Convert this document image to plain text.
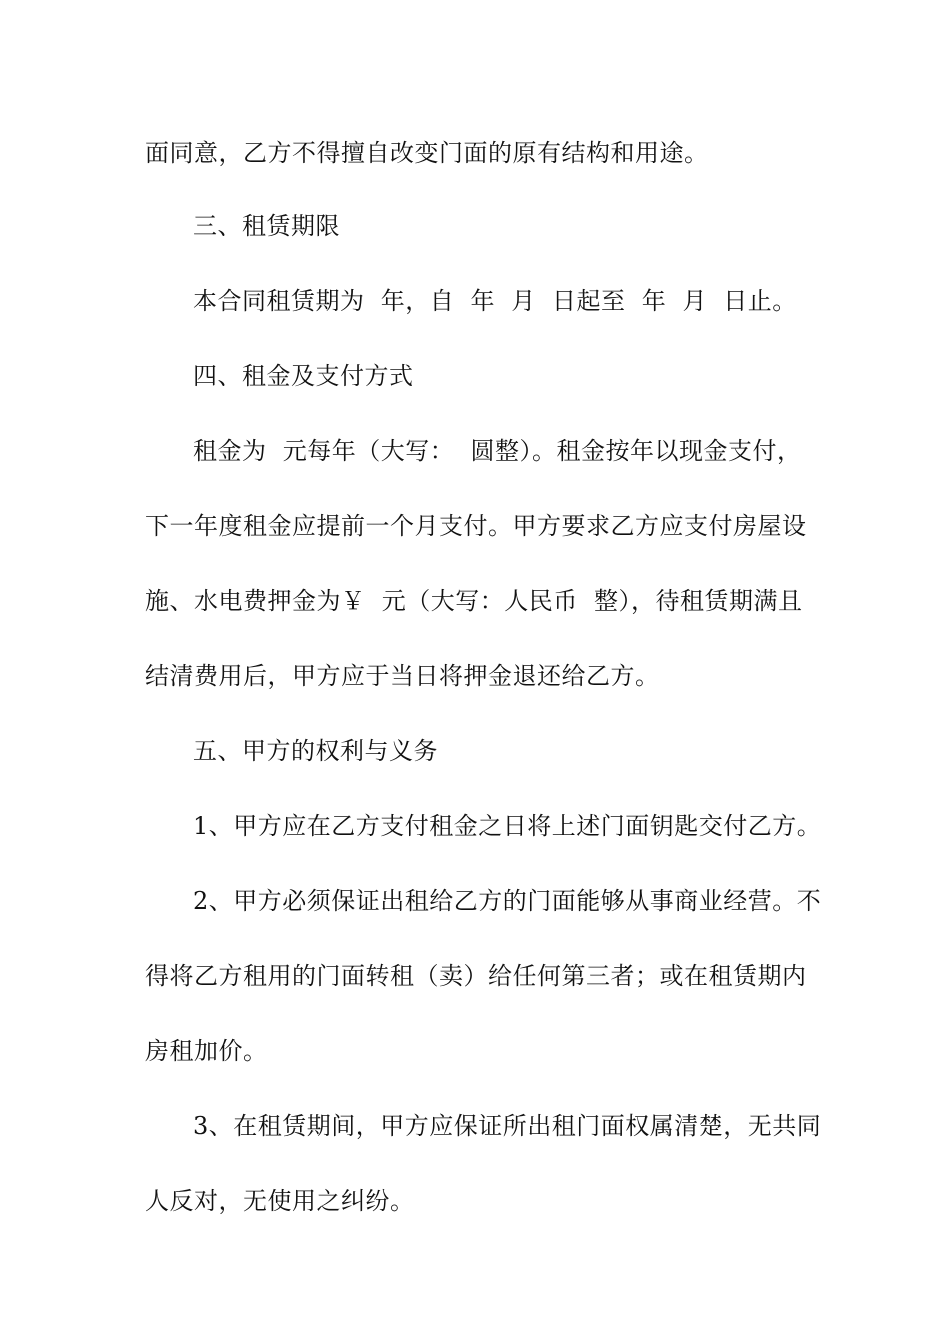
面同意，乙方不得擅自改变门面的原有结构和用途。
三、租赁期限
本合同租赁期为  年，自  年  月  日起至  年  月  日止。
四、租金及支付方式
租金为  元每年（大写：  圆整）。租金按年以现金支付，
下一年度租金应提前一个月支付。甲方要求乙方应支付房屋设
施、水电费押金为￥  元（大写：人民币  整），待租赁期满且
结清费用后，甲方应于当日将押金退还给乙方。
五、甲方的权利与义务
1、甲方应在乙方支付租金之日将上述门面钥匙交付乙方。
2、甲方必须保证出租给乙方的门面能够从事商业经营。不
得将乙方租用的门面转租（卖）给任何第三者；或在租赁期内
房租加价。
3、在租赁期间，甲方应保证所出租门面权属清楚，无共同
人反对，无使用之纠纷。
